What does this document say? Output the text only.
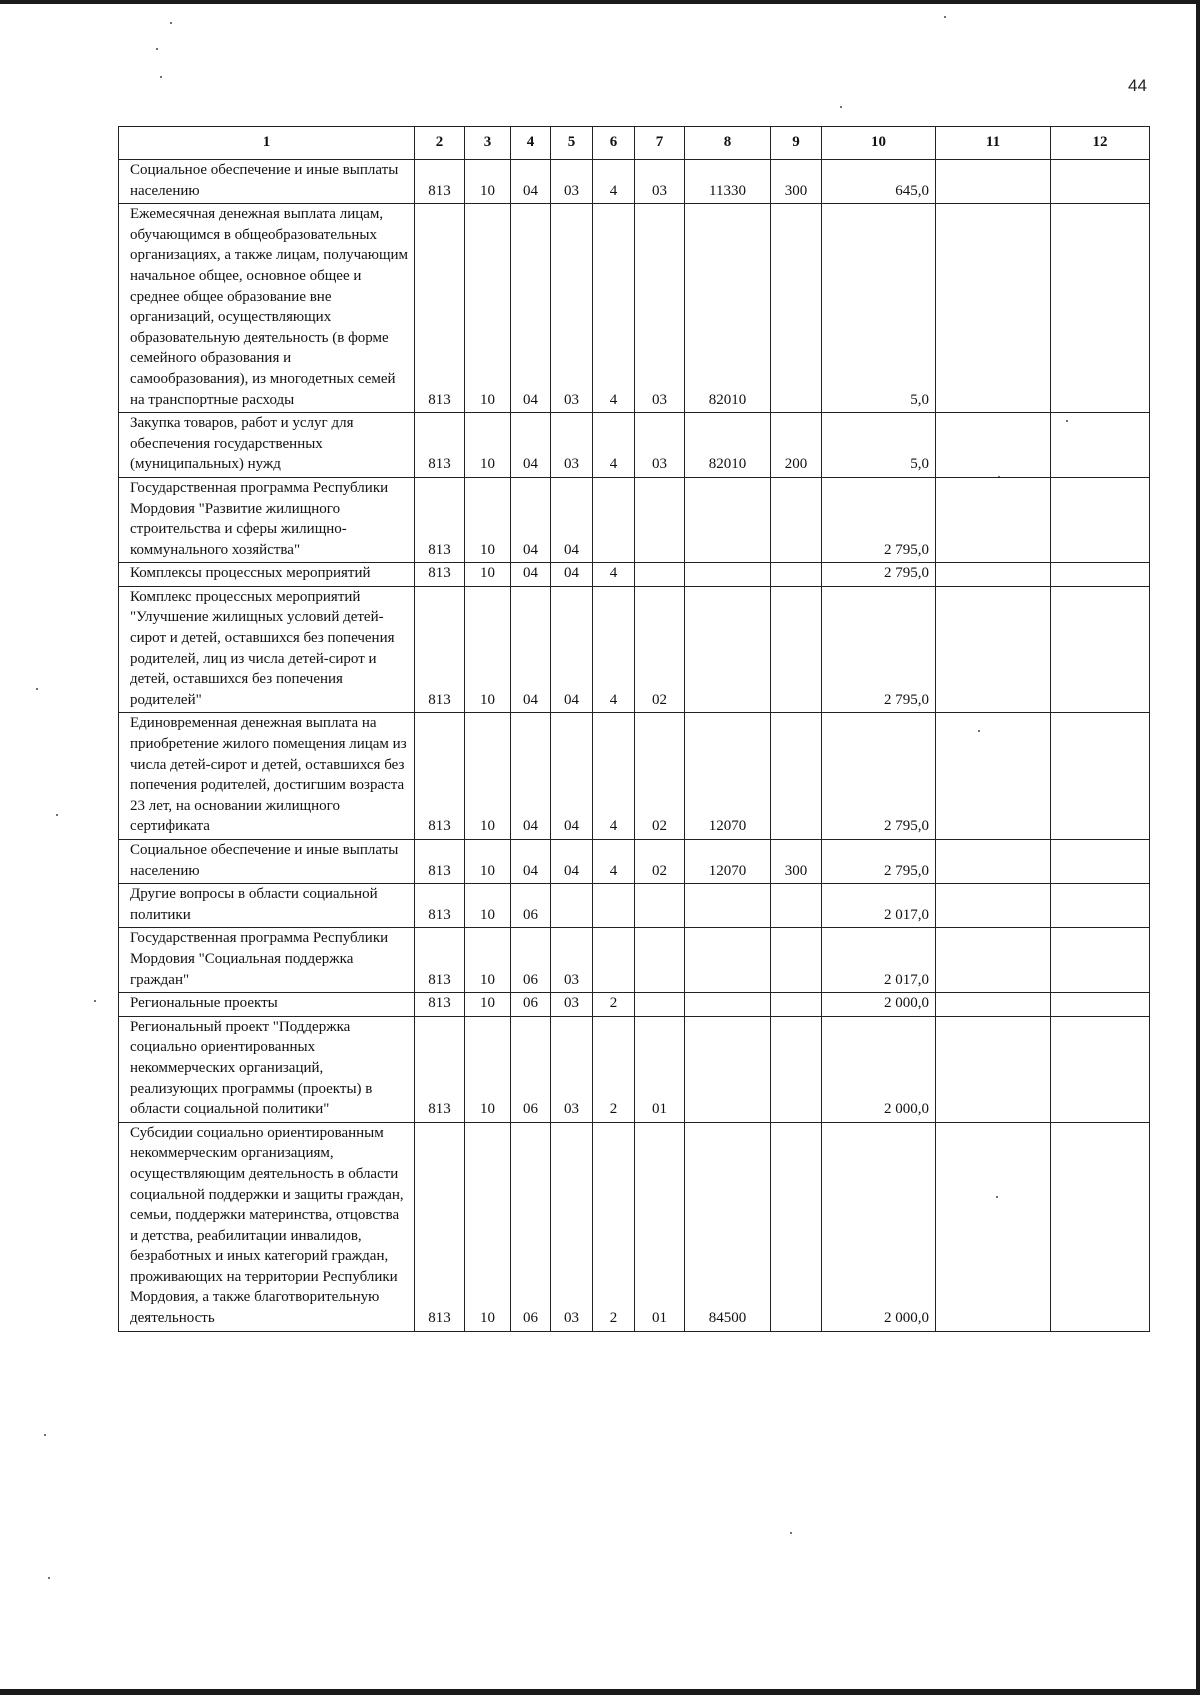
44
1	2	3	4	5	6	7	8	9	10	11	12
Социальное обеспечение и иные выплаты населению	813	10	04	03	4	03	11330	300	645,0		
Ежемесячная денежная выплата лицам, обучающимся в общеобразовательных организациях, а также лицам, получающим начальное общее, основное общее и среднее общее образование вне организаций, осуществляющих образовательную деятельность (в форме семейного образования и самообразования), из многодетных семей на транспортные расходы	813	10	04	03	4	03	82010		5,0		
Закупка товаров, работ и услуг для обеспечения государственных (муниципальных) нужд	813	10	04	03	4	03	82010	200	5,0		
Государственная программа Республики Мордовия "Развитие жилищного строительства и сферы жилищно-коммунального хозяйства"	813	10	04	04					2 795,0		
Комплексы процессных мероприятий	813	10	04	04	4				2 795,0		
Комплекс процессных мероприятий "Улучшение жилищных условий детей-сирот и детей, оставшихся без попечения родителей, лиц из числа детей-сирот и детей, оставшихся без попечения родителей"	813	10	04	04	4	02			2 795,0		
Единовременная денежная выплата на приобретение жилого помещения лицам из числа детей-сирот и детей, оставшихся без попечения родителей, достигшим возраста 23 лет, на основании жилищного сертификата	813	10	04	04	4	02	12070		2 795,0		
Социальное обеспечение и иные выплаты населению	813	10	04	04	4	02	12070	300	2 795,0		
Другие вопросы в области социальной политики	813	10	06						2 017,0		
Государственная программа Республики Мордовия "Социальная поддержка граждан"	813	10	06	03					2 017,0		
Региональные проекты	813	10	06	03	2				2 000,0		
Региональный проект "Поддержка социально ориентированных некоммерческих организаций, реализующих программы (проекты) в области социальной политики"	813	10	06	03	2	01			2 000,0		
Субсидии социально ориентированным некоммерческим организациям, осуществляющим деятельность в области социальной поддержки и защиты граждан, семьи, поддержки материнства, отцовства и детства, реабилитации инвалидов, безработных и иных категорий граждан, проживающих на территории Республики Мордовия, а также благотворительную деятельность	813	10	06	03	2	01	84500		2 000,0		
